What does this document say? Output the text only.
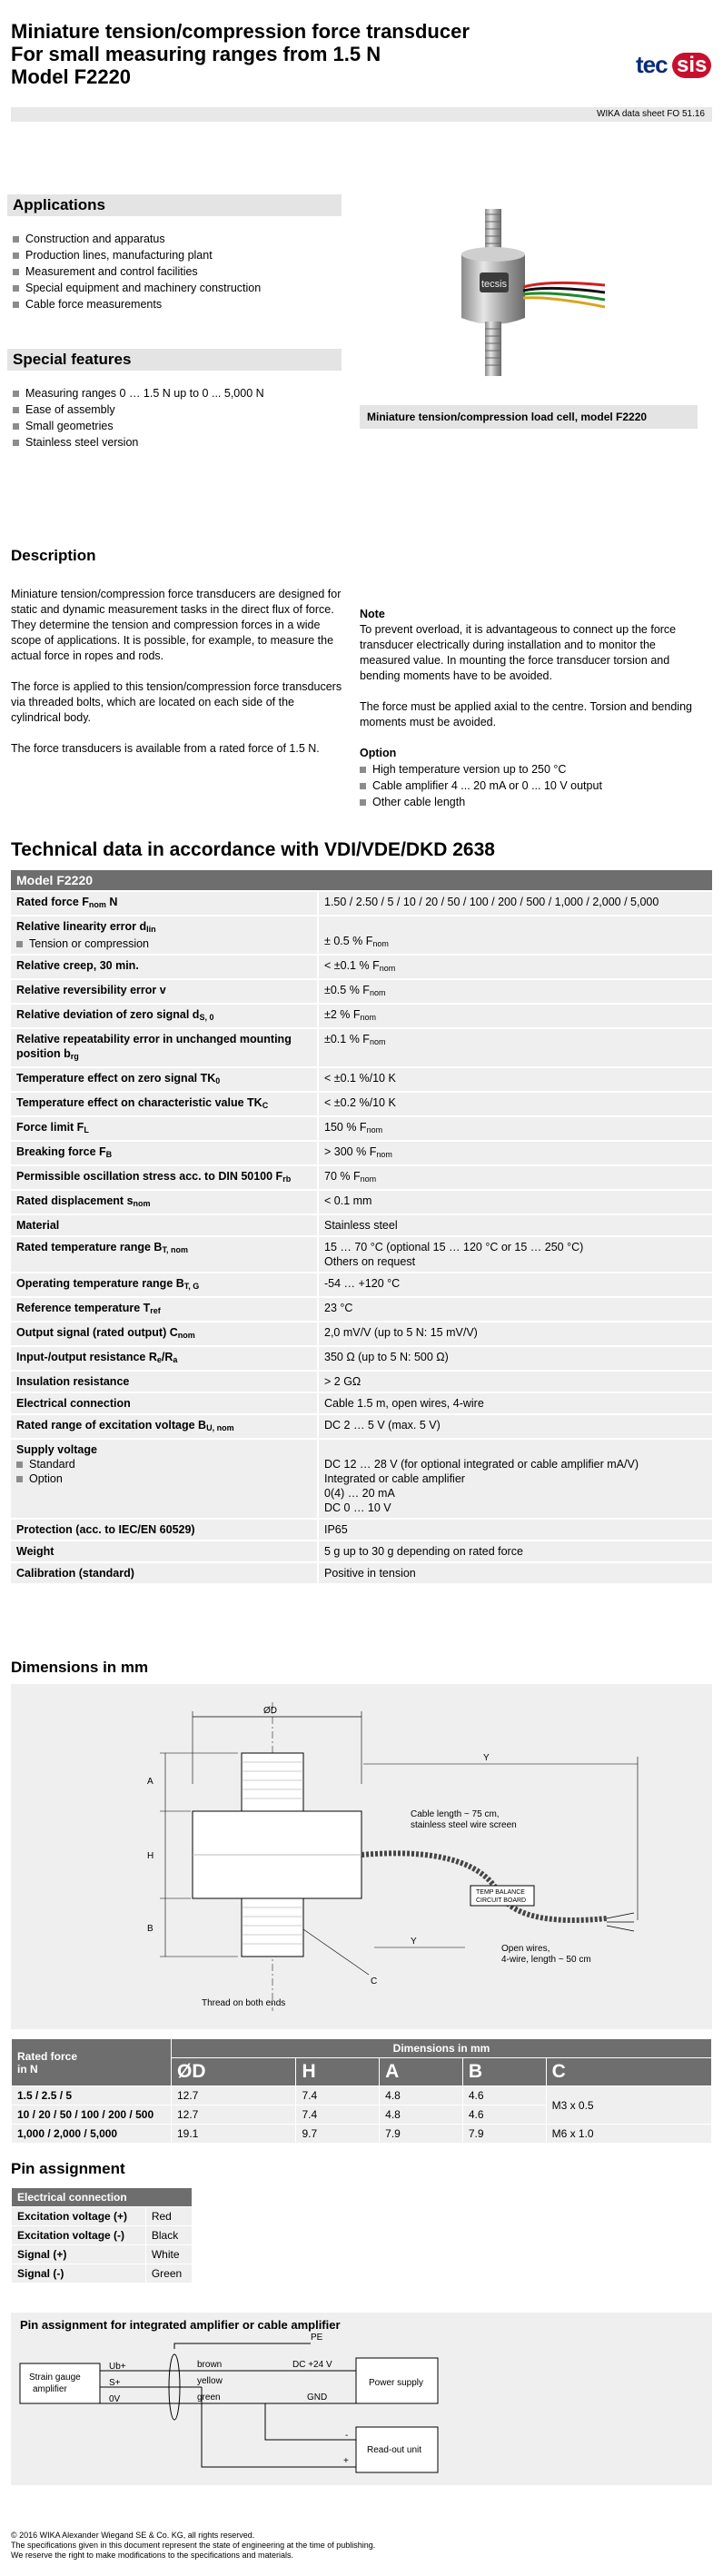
Miniature tension/compression force transducer
For small measuring ranges from 1.5 N
Model F2220	tec sis
WIKA data sheet FO 51.16
Applications
Construction and apparatus
Production lines, manufacturing plant
Measurement and control facilities
Special equipment and machinery construction
Cable force measurements
Special features
Measuring ranges 0 … 1.5 N up to 0 ... 5,000 N
Ease of assembly
Small geometries
Stainless steel version
tecsis
Miniature tension/compression load cell, model F2220
Description

Miniature tension/compression force transducers are designed for static and dynamic measurement tasks in the direct flux of force. They determine the tension and compression forces in a wide scope of applications. It is possible, for example, to measure the actual force in ropes and rods.

The force is applied to this tension/compression force transducers via threaded bolts, which are located on each side of the cylindrical body.

The force transducers is available from a rated force of 1.5 N.

Note

To prevent overload, it is advantageous to connect up the force transducer electrically during installation and to monitor the measured value. In mounting the force transducer torsion and bending moments have to be avoided.

The force must be applied axial to the centre. Torsion and bending moments must be avoided.

Option

High temperature version up to 250 °C
Cable amplifier 4 ... 20 mA or 0 ... 10 V output
Other cable length
Technical data in accordance with VDI/VDE/DKD 2638
Model F2220	
Rated force $F_{nom}$ N	1.50 / 2.50 / 5 / 10 / 20 / 50 / 100 / 200 / 500 / 1,000 / 2,000 / 5,000
Relative linearity error $d_{lin}$

Tension or compression	± 0.5 % $F_{nom}$
Relative creep, 30 min.	< ±0.1 % $F_{nom}$
Relative reversibility error v	±0.5 % $F_{nom}$
Relative deviation of zero signal $d_{S, 0}$	±2 % $F_{nom}$
Relative repeatability error in unchanged mounting position $b_{rg}$	±0.1 % $F_{nom}$
Temperature effect on zero signal $TK_0$	< ±0.1 %/10 K
Temperature effect on characteristic value $TK_C$	< ±0.2 %/10 K
Force limit $F_L$	150 % $F_{nom}$
Breaking force $F_B$	> 300 % $F_{nom}$
Permissible oscillation stress acc. to DIN 50100 $F_{rb}$	70 % $F_{nom}$
Rated displacement $s_{nom}$	< 0.1 mm
Material	Stainless steel
Rated temperature range $B_{T, nom}$	15 … 70 °C (optional 15 … 120 °C or 15 … 250 °C)
Others on request
Operating temperature range $B_{T, G}$	-54 … +120 °C
Reference temperature $T_{ref}$	23 °C
Output signal (rated output) $C_{nom}$	2,0 mV/V (up to 5 N: 15 mV/V)
Input-/output resistance $R_e/R_a$	350 Ω (up to 5 N: 500 Ω)
Insulation resistance	> 2 GΩ
Electrical connection	Cable 1.5 m, open wires, 4-wire
Rated range of excitation voltage $B_{U, nom}$	DC 2 … 5 V (max. 5 V)
Supply voltage

Standard

Option	DC 12 … 28 V (for optional integrated or cable amplifier mA/V)
Integrated or cable amplifier
0(4) … 20 mA
DC 0 … 10 V
Protection (acc. to IEC/EN 60529)	IP65
Weight	5 g up to 30 g depending on rated force
Calibration (standard)	Positive in tension
Dimensions in mm
ØD
A
H
B
TEMP BALANCE
CIRCUIT BOARD
Y
Y
Cable length ~ 75 cm,
stainless steel wire screen
Open wires,
4-wire, length ~ 50 cm
C
Thread on both ends
Rated force
in N	Dimensions in mm				
	ØD	H	A	B	C
1.5 / 2.5 / 5	12.7	7.4	4.8	4.6	M3 x 0.5
10 / 20 / 50 / 100 / 200 / 500	12.7	7.4	4.8	4.6	
1,000 / 2,000 / 5,000	19.1	9.7	7.9	7.9	M6 x 1.0
Pin assignment
Electrical connection	
Excitation voltage (+)	Red
Excitation voltage (-)	Black
Signal (+)	White
Signal (-)	Green
Pin assignment for integrated amplifier or cable amplifier
Strain gauge
amplifier
Ub+
S+
0V
PE
brown
yellow
green
DC +24 V
GND
Power supply
Read-out unit
-
+
© 2016 WIKA Alexander Wiegand SE & Co. KG, all rights reserved.
The specifications given in this document represent the state of engineering at the time of publishing.
We reserve the right to make modifications to the specifications and materials.
